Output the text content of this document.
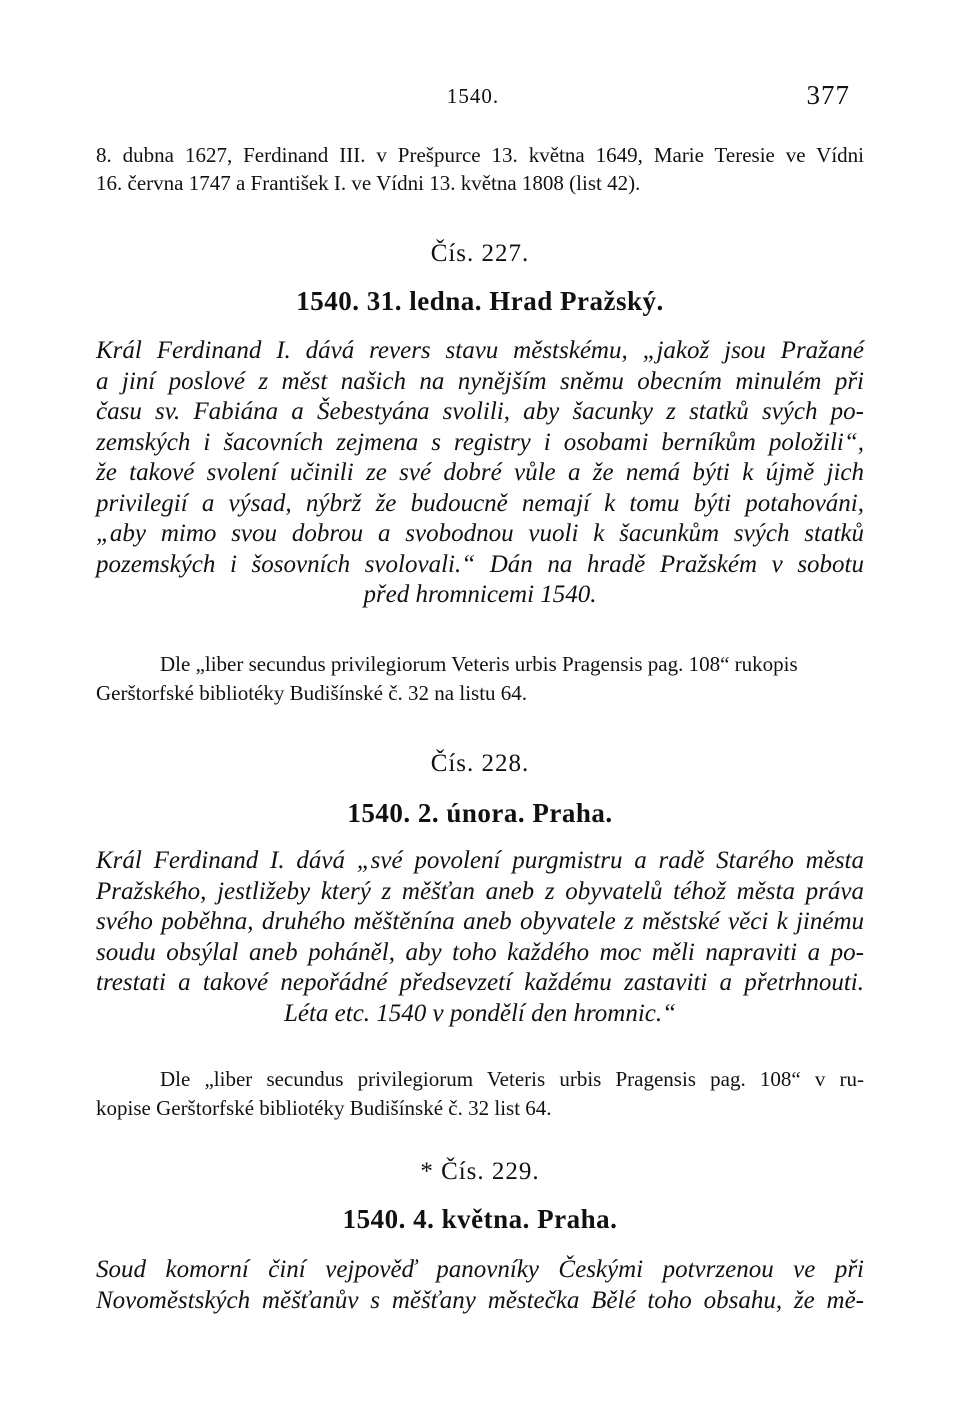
1540.	377
8. dubna 1627, Ferdinand III. v Prešpurce 13. května 1649, Marie Teresie ve Vídni
16. června 1747 a František I. ve Vídni 13. května 1808 (list 42).
Čís. 227.
1540. 31. ledna. Hrad Pražský.
Král Ferdinand I. dává revers stavu městskému, „jakož jsou Pražané
a jiní poslové z měst našich na nynějším sněmu obecním minulém při
času sv. Fabiána a Šebestyána svolili, aby šacunky z statků svých po-
zemských i šacovních zejmena s registry i osobami berníkům položili“,
že takové svolení učinili ze své dobré vůle a že nemá býti k újmě jich
privilegií a výsad, nýbrž že budoucně nemají k tomu býti potahováni,
„aby mimo svou dobrou a svobodnou vuoli k šacunkům svých statků
pozemských i šosovních svolovali.“ Dán na hradě Pražském v sobotu
před hromnicemi 1540.
Dle „liber secundus privilegiorum Veteris urbis Pragensis pag. 108“ rukopis
Gerštorfské bibliotéky Budišínské č. 32 na listu 64.
Čís. 228.
1540. 2. února. Praha.
Král Ferdinand I. dává „své povolení purgmistru a radě Starého města
Pražského, jestližeby který z měšťan aneb z obyvatelů téhož města práva
svého poběhna, druhého měštěnína aneb obyvatele z městské věci k jinému
soudu obsýlal aneb poháněl, aby toho každého moc měli napraviti a po-
trestati a takové nepořádné předsevzetí každému zastaviti a přetrhnouti.
Léta etc. 1540 v pondělí den hromnic.“
Dle „liber secundus privilegiorum Veteris urbis Pragensis pag. 108“ v ru-
kopise Gerštorfské bibliotéky Budišínské č. 32 list 64.
* Čís. 229.
1540. 4. května. Praha.
Soud komorní činí vejpověď panovníky Českými potvrzenou ve při
Novoměstských měšťanův s měšťany městečka Bělé toho obsahu, že mě-
